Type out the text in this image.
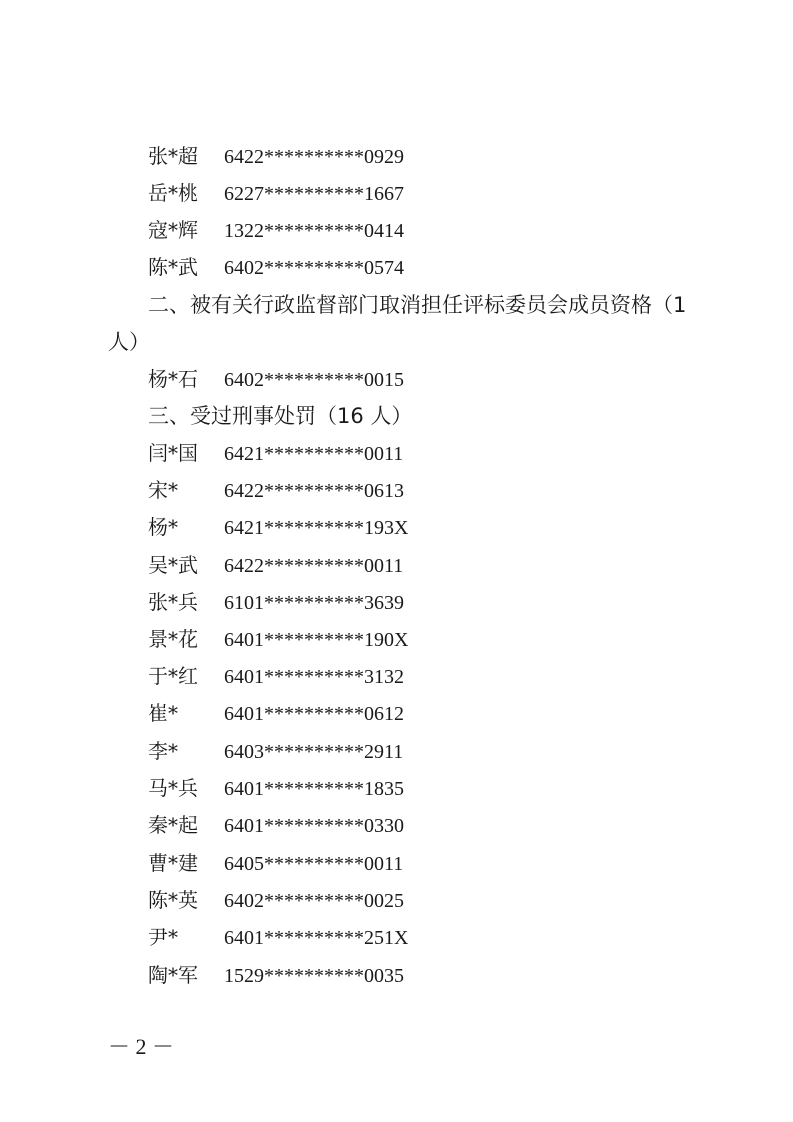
张*超 6422**********0929
岳*桃 6227**********1667
寇*辉 1322**********0414
陈*武 6402**********0574
二、被有关行政监督部门取消担任评标委员会成员资格（1
人）
杨*石 6402**********0015
三、受过刑事处罚（16 人）
闫*国 6421**********0011
宋* 6422**********0613
杨* 6421**********193X
吴*武 6422**********0011
张*兵 6101**********3639
景*花 6401**********190X
于*红 6401**********3132
崔* 6401**********0612
李* 6403**********2911
马*兵 6401**********1835
秦*起 6401**********0330
曹*建 6405**********0011
陈*英 6402**********0025
尹* 6401**********251X
陶*军 1529**********0035
－ 2 －
